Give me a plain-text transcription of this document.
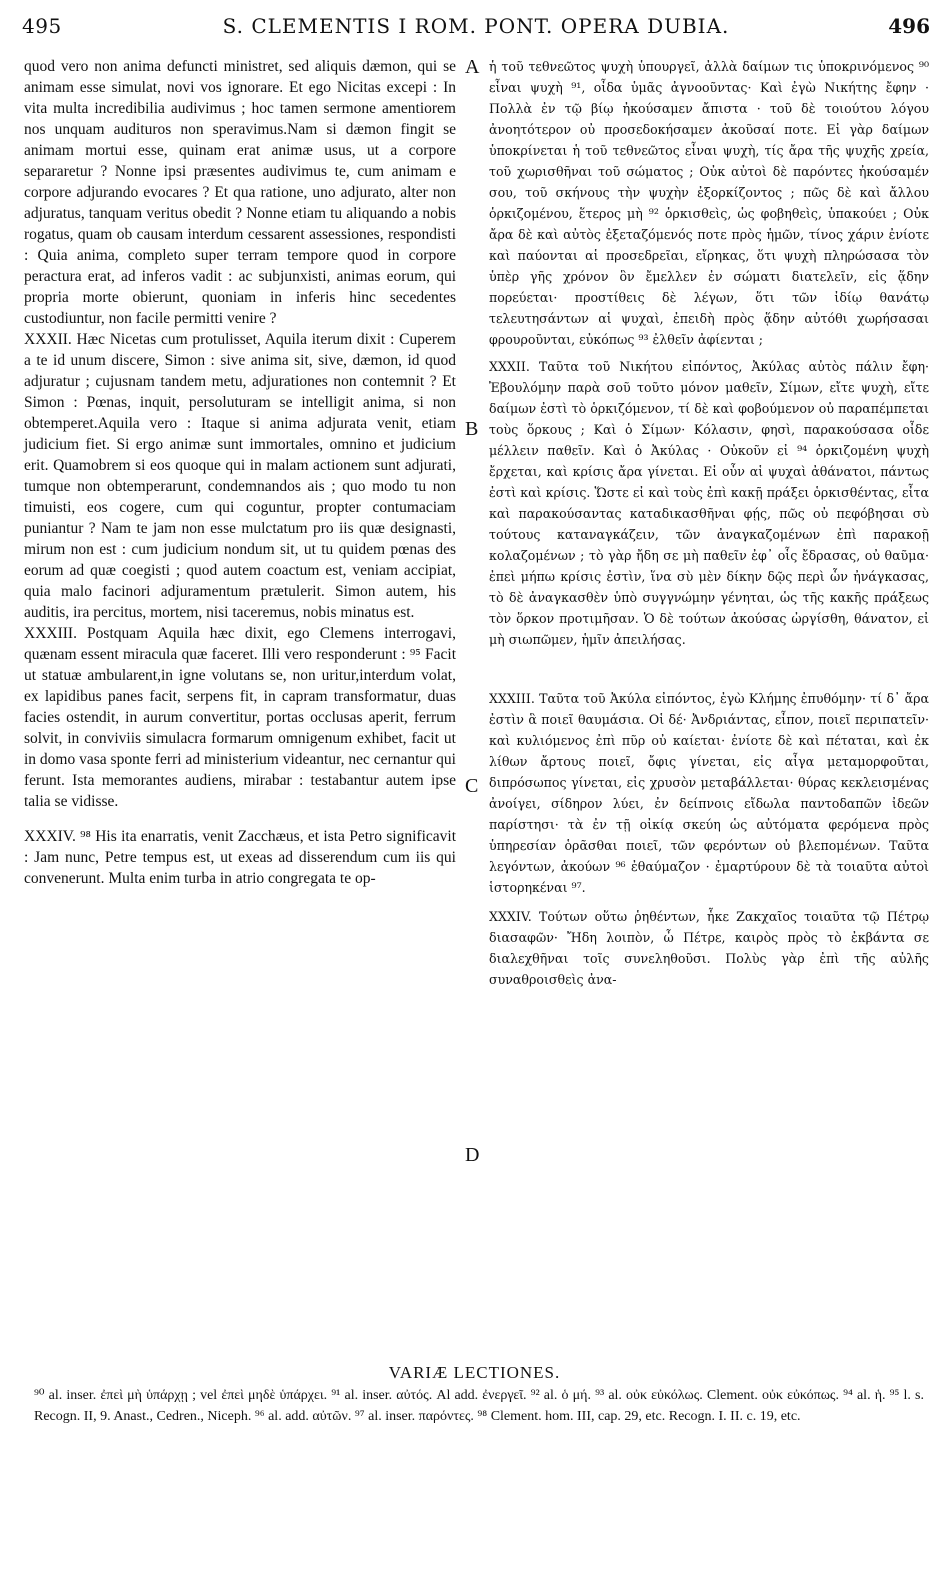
495	S. CLEMENTIS I ROM. PONT. OPERA DUBIA.	496

quod vero non anima defuncti ministret, sed aliquis dæmon, qui se animam esse simulat, novi vos ignorare. Et ego Nicitas excepi : In vita multa incredibilia audivimus ; hoc tamen sermone amentiorem nos unquam audituros non speravimus.Nam si dæmon fingit se animam mortui esse, quinam erat animæ usus, ut a corpore separaretur ? Nonne ipsi præsentes audivimus te, cum animam e corpore adjurando evocares ? Et qua ratione, uno adjurato, alter non adjuratus, tanquam veritus obedit ? Nonne etiam tu aliquando a nobis rogatus, quam ob causam interdum cessarent assessiones, respondisti : Quia anima, completo super terram tempore quod in corpore peractura erat, ad inferos vadit : ac subjunxisti, animas eorum, qui propria morte obierunt, quoniam in inferis hinc secedentes custodiuntur, non facile permitti venire ?

XXXII. Hæc Nicetas cum protulisset, Aquila iterum dixit : Cuperem a te id unum discere, Simon : sive anima sit, sive, dæmon, id quod adjuratur ; cujusnam tandem metu, adjurationes non contemnit ? Et Simon : Pœnas, inquit, persoluturam se intelligit anima, si non obtemperet.Aquila vero : Itaque si anima adjurata venit, etiam judicium fiet. Si ergo animæ sunt immortales, omnino et judicium erit. Quamobrem si eos quoque qui in malam actionem sunt adjurati, tumque non obtemperarunt, condemnandos ais ; quo modo tu non timuisti, eos cogere, cum qui coguntur, propter contumaciam puniantur ? Nam te jam non esse mulctatum pro iis quæ designasti, mirum non est : cum judicium nondum sit, ut tu quidem pœnas des eorum ad quæ coegisti ; quod autem coactum est, veniam accipiat, quia malo facinori adjuramentum prætulerit. Simon autem, his auditis, ira percitus, mortem, nisi taceremus, nobis minatus est.

XXXIII. Postquam Aquila hæc dixit, ego Clemens interrogavi, quænam essent miracula quæ faceret. Illi vero responderunt : ⁹⁵ Facit ut statuæ ambularent,in igne volutans se, non uritur,interdum volat, ex lapidibus panes facit, serpens fit, in capram transformatur, duas facies ostendit, in aurum convertitur, portas occlusas aperit, ferrum solvit, in conviviis simulacra formarum omnigenum exhibet, facit ut in domo vasa sponte ferri ad ministerium videantur, nec cernantur qui ferunt. Ista memorantes audiens, mirabar : testabantur autem ipse talia se vidisse.

XXXIV. ⁹⁸ His ita enarratis, venit Zacchæus, et ista Petro significavit : Jam nunc, Petre tempus est, ut exeas ad disserendum cum iis qui convenerunt. Multa enim turba in atrio congregata te op-

A
B
C
D

ἡ τοῦ τεθνεῶτος ψυχὴ ὑπουργεῖ, ἀλλὰ δαίμων τις ὑποκρινόμενος ⁹⁰ εἶναι ψυχὴ ⁹¹, οἶδα ὑμᾶς ἀγνοοῦντας· Καὶ ἐγὼ Νικήτης ἔφην · Πολλὰ ἐν τῷ βίῳ ἠκούσαμεν ἄπιστα · τοῦ δὲ τοιούτου λόγου ἀνοητότερον οὐ προσεδοκήσαμεν ἀκοῦσαί ποτε. Εἰ γὰρ δαίμων ὑποκρίνεται ἡ τοῦ τεθνεῶτος εἶναι ψυχὴ, τίς ἄρα τῆς ψυχῆς χρεία, τοῦ χωρισθῆναι τοῦ σώματος ; Οὐκ αὐτοὶ δὲ παρόντες ἠκούσαμέν σου, τοῦ σκήνους τὴν ψυχὴν ἐξορκίζοντος ; πῶς δὲ καὶ ἄλλου ὁρκιζομένου, ἕτερος μὴ ⁹² ὁρκισθεὶς, ὡς φοβηθεὶς, ὑπακούει ; Οὐκ ἄρα δὲ καὶ αὐτὸς ἐξεταζόμενός ποτε πρὸς ἡμῶν, τίνος χάριν ἐνίοτε καὶ παύονται αἱ προσεδρεῖαι, εἴρηκας, ὅτι ψυχὴ πληρώσασα τὸν ὑπὲρ γῆς χρόνον ὃν ἔμελλεν ἐν σώματι διατελεῖν, εἰς ᾅδην πορεύεται· προστίθεις δὲ λέγων, ὅτι τῶν ἰδίῳ θανάτῳ τελευτησάντων αἱ ψυχαὶ, ἐπειδὴ πρὸς ᾅδην αὐτόθι χωρήσασαι φρουροῦνται, εὐκόπως ⁹³ ἐλθεῖν ἀφίενται ;

XXXII. Ταῦτα τοῦ Νικήτου εἰπόντος, Ἀκύλας αὐτὸς πάλιν ἔφη· Ἐβουλόμην παρὰ σοῦ τοῦτο μόνον μαθεῖν, Σίμων, εἴτε ψυχὴ, εἴτε δαίμων ἐστὶ τὸ ὁρκιζόμενον, τί δὲ καὶ φοβούμενον οὐ παραπέμπεται τοὺς ὅρκους ; Καὶ ὁ Σίμων· Κόλασιν, φησὶ, παρακούσασα οἶδε μέλλειν παθεῖν. Καὶ ὁ Ἀκύλας · Οὐκοῦν εἰ ⁹⁴ ὁρκιζομένη ψυχὴ ἔρχεται, καὶ κρίσις ἄρα γίνεται. Εἰ οὖν αἱ ψυχαὶ ἀθάνατοι, πάντως ἐστὶ καὶ κρίσις. Ὥστε εἰ καὶ τοὺς ἐπὶ κακῇ πράξει ὁρκισθέντας, εἶτα καὶ παρακούσαντας καταδικασθῆναι φῄς, πῶς οὐ πεφόβησαι σὺ τούτους καταναγκάζειν, τῶν ἀναγκαζομένων ἐπὶ παρακοῇ κολαζομένων ; τὸ γὰρ ἤδη σε μὴ παθεῖν ἐφ᾽ οἷς ἔδρασας, οὐ θαῦμα· ἐπεὶ μήπω κρίσις ἐστὶν, ἵνα σὺ μὲν δίκην δῷς περὶ ὧν ἠνάγκασας, τὸ δὲ ἀναγκασθὲν ὑπὸ συγγνώμην γένηται, ὡς τῆς κακῆς πράξεως τὸν ὅρκον προτιμῆσαν. Ὁ δὲ τούτων ἀκούσας ὠργίσθη, θάνατον, εἰ μὴ σιωπῶμεν, ἡμῖν ἀπειλήσας.

XXXIII. Ταῦτα τοῦ Ἀκύλα εἰπόντος, ἐγὼ Κλήμης ἐπυθόμην· τί δ᾽ ἄρα ἐστὶν ἃ ποιεῖ θαυμάσια. Οἱ δέ· Ἀνδριάντας, εἶπον, ποιεῖ περιπατεῖν· καὶ κυλιόμενος ἐπὶ πῦρ οὐ καίεται· ἐνίοτε δὲ καὶ πέταται, καὶ ἐκ λίθων ἄρτους ποιεῖ, ὄφις γίνεται, εἰς αἶγα μεταμορφοῦται, διπρόσωπος γίνεται, εἰς χρυσὸν μεταβάλλεται· θύρας κεκλεισμένας ἀνοίγει, σίδηρον λύει, ἐν δείπνοις εἴδωλα παντοδαπῶν ἰδεῶν παρίστησι· τὰ ἐν τῇ οἰκίᾳ σκεύη ὡς αὐτόματα φερόμενα πρὸς ὑπηρεσίαν ὁρᾶσθαι ποιεῖ, τῶν φερόντων οὐ βλεπομένων. Ταῦτα λεγόντων, ἀκούων ⁹⁶ ἐθαύμαζον · ἐμαρτύρουν δὲ τὰ τοιαῦτα αὐτοὶ ἱστορηκέναι ⁹⁷.

XXXIV. Τούτων οὕτω ῥηθέντων, ἧκε Ζακχαῖος τοιαῦτα τῷ Πέτρῳ διασαφῶν· Ἤδη λοιπὸν, ὦ Πέτρε, καιρὸς πρὸς τὸ ἐκβάντα σε διαλεχθῆναι τοῖς συνεληθοῦσι. Πολὺς γὰρ ἐπὶ τῆς αὐλῆς συναθροισθεὶς ἀνα-

VARIÆ LECTIONES.
⁹⁰ al. inser. ἐπεὶ μὴ ὑπάρχῃ ; vel ἐπεὶ μηδὲ ὑπάρχει. ⁹¹ al. inser. αὐτός. Al add. ἐνεργεῖ. ⁹² al. ὁ μή. ⁹³ al. οὐκ εὐκόλως. Clement. οὐκ εὐκόπως. ⁹⁴ al. ἡ. ⁹⁵ l. s. Recogn. II, 9. Anast., Cedren., Niceph. ⁹⁶ al. add. αὐτῶν. ⁹⁷ al. inser. παρόντες. ⁹⁸ Clement. hom. III, cap. 29, etc. Recogn. I. II. c. 19, etc.
